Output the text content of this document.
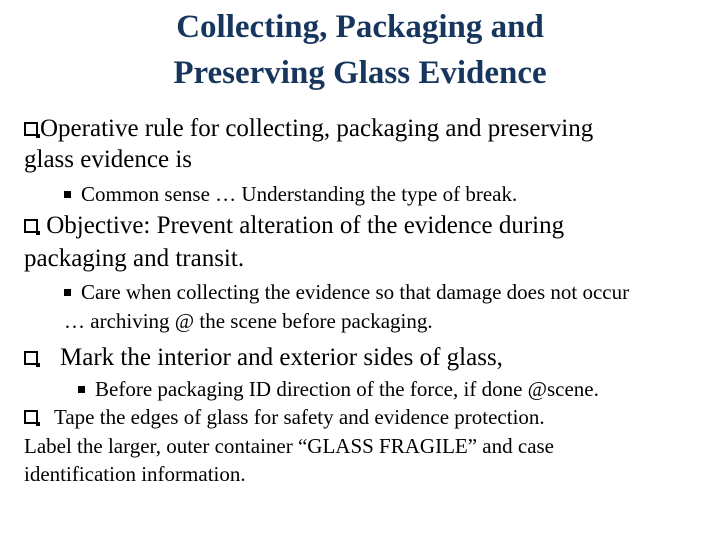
Collecting, Packaging and
Preserving Glass Evidence
Operative rule for collecting, packaging and preserving
glass evidence is
Common sense … Understanding the type of break.
Objective: Prevent alteration of the evidence during
packaging and transit.
Care when collecting the evidence so that damage does not occur
… archiving @ the scene before packaging.
Mark the interior and exterior sides of glass,
Before packaging ID direction of the force, if done @scene.
Tape the edges of glass for safety and evidence protection.
Label the larger, outer container “GLASS FRAGILE” and case
identification information.
